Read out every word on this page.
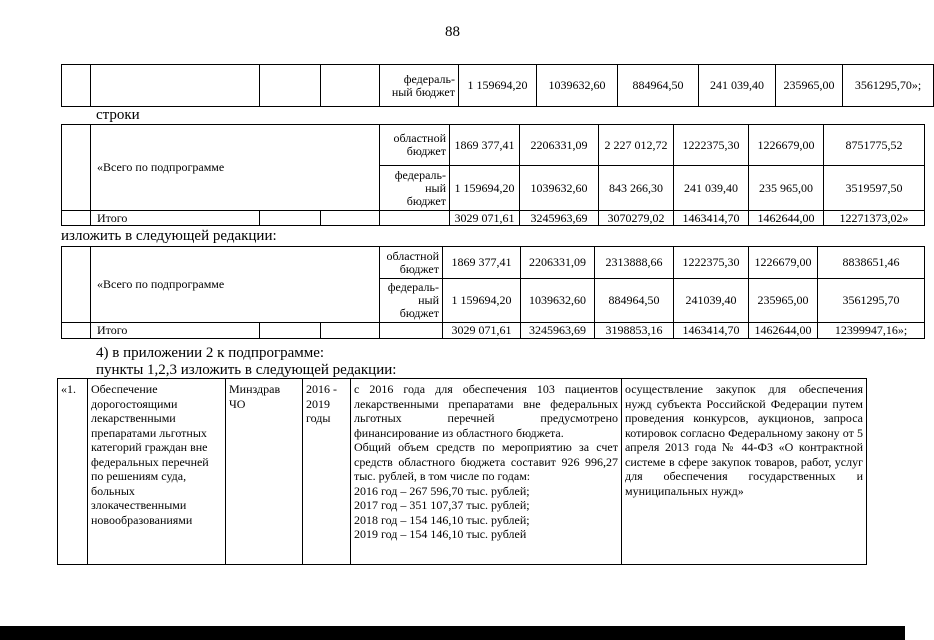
88
				федераль-ный бюджет	1 159694,20	1039632,60	884964,50	241 039,40	235965,00	3561295,70»;
строки
	«Всего по подпрограмме			областной бюджет	1869 377,41	2206331,09	2 227 012,72	1222375,30	1226679,00	8751775,52
				федераль-ный бюджет	1 159694,20	1039632,60	843 266,30	241 039,40	235 965,00	3519597,50
	Итого				3029 071,61	3245963,69	3070279,02	1463414,70	1462644,00	12271373,02»
изложить в следующей редакции:
	«Всего по подпрограмме			областной бюджет	1869 377,41	2206331,09	2313888,66	1222375,30	1226679,00	8838651,46
				федераль-ный бюджет	1 159694,20	1039632,60	884964,50	241039,40	235965,00	3561295,70
	Итого				3029 071,61	3245963,69	3198853,16	1463414,70	1462644,00	12399947,16»;
4) в приложении 2 к подпрограмме:
пункты 1,2,3 изложить в следующей редакции:
«1.	Обеспечение дорогостоящими лекарственными препаратами льготных категорий граждан вне федеральных перечней по решениям суда, больных злокачественными новообразованиями	Минздрав ЧО	2016 - 2019 годы	
с 2016 года для обеспечения 103 пациентов лекарственными препаратами вне федеральных льготных перечней предусмотрено финансирование из областного бюджета.
Общий объем средств по мероприятию за счет средств областного бюджета составит 926 996,27 тыс. рублей, в том числе по годам:
2016 год – 267 596,70 тыс. рублей;
2017 год – 351 107,37 тыс. рублей;
2018 год – 154 146,10 тыс. рублей;
2019 год – 154 146,10 тыс. рублей
	осуществление закупок для обеспечения нужд субъекта Российской Федерации путем проведения конкурсов, аукционов, запроса котировок согласно Федеральному закону от 5 апреля 2013 года № 44-ФЗ «О контрактной системе в сфере закупок товаров, работ, услуг для обеспечения государственных и муниципальных нужд»
